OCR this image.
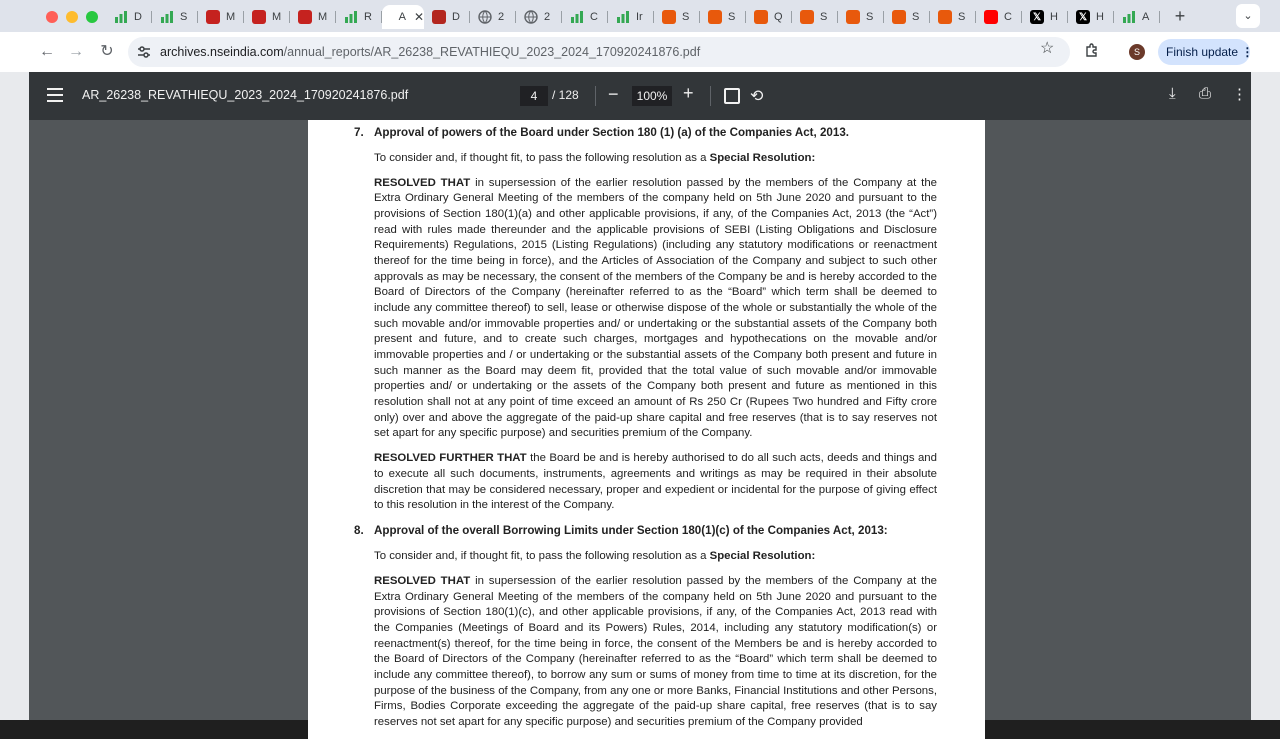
D	S	M	M	M	R A ✕	D	2	2	C	Ir	S	S	Q	S	S	S	S	C 𝕏 H 𝕏 H	A +	⌄
← → ↻	archives.nseindia.com/annual_reports/AR_26238_REVATHIEQU_2023_2024_170920241876.pdf	☆	S	Finish update ⋮
7. Approval of powers of the Board under Section 180 (1) (a) of the Companies Act, 2013.
To consider and, if thought fit, to pass the following resolution as a Special Resolution:
RESOLVED THAT in supersession of the earlier resolution passed by the members of the Company at the Extra Ordinary General Meeting of the members of the company held on 5th June 2020 and pursuant to the provisions of Section 180(1)(a) and other applicable provisions, if any, of the Companies Act, 2013 (the “Act”) read with rules made thereunder and the applicable provisions of SEBI (Listing Obligations and Disclosure Requirements) Regulations, 2015 (Listing Regulations) (including any statutory modifications or reenactment thereof for the time being in force), and the Articles of Association of the Company and subject to such other approvals as may be necessary, the consent of the members of the Company be and is hereby accorded to the Board of Directors of the Company (hereinafter referred to as the “Board” which term shall be deemed to include any committee thereof) to sell, lease or otherwise dispose of the whole or substantially the whole of the such movable and/or immovable properties and/ or undertaking or the substantial assets of the Company both present and future, and to create such charges, mortgages and hypothecations on the movable and/or immovable properties and / or undertaking or the substantial assets of the Company both present and future in such manner as the Board may deem fit, provided that the total value of such movable and/or immovable properties and/ or undertaking or the assets of the Company both present and future as mentioned in this resolution shall not at any point of time exceed an amount of Rs 250 Cr (Rupees Two hundred and Fifty crore only) over and above the aggregate of the paid-up share capital and free reserves (that is to say reserves not set apart for any specific purpose) and securities premium of the Company.
RESOLVED FURTHER THAT the Board be and is hereby authorised to do all such acts, deeds and things and to execute all such documents, instruments, agreements and writings as may be required in their absolute discretion that may be considered necessary, proper and expedient or incidental for the purpose of giving effect to this resolution in the interest of the Company.
8. Approval of the overall Borrowing Limits under Section 180(1)(c) of the Companies Act, 2013:
To consider and, if thought fit, to pass the following resolution as a Special Resolution:
RESOLVED THAT in supersession of the earlier resolution passed by the members of the Company at the Extra Ordinary General Meeting of the members of the company held on 5th June 2020 and pursuant to the provisions of Section 180(1)(c), and other applicable provisions, if any, of the Companies Act, 2013 read with the Companies (Meetings of Board and its Powers) Rules, 2014, including any statutory modification(s) or reenactment(s) thereof, for the time being in force, the consent of the Members be and is hereby accorded to the Board of Directors of the Company (hereinafter referred to as the “Board” which term shall be deemed to include any committee thereof), to borrow any sum or sums of money from time to time at its discretion, for the purpose of the business of the Company, from any one or more Banks, Financial Institutions and other Persons, Firms, Bodies Corporate exceeding the aggregate of the paid-up share capital, free reserves (that is to say reserves not set apart for any specific purpose) and securities premium of the Company provided
AR_26238_REVATHIEQU_2023_2024_170920241876.pdf	4	/ 128 −	100% +	⟲	⤓ ⎙ ⋮
